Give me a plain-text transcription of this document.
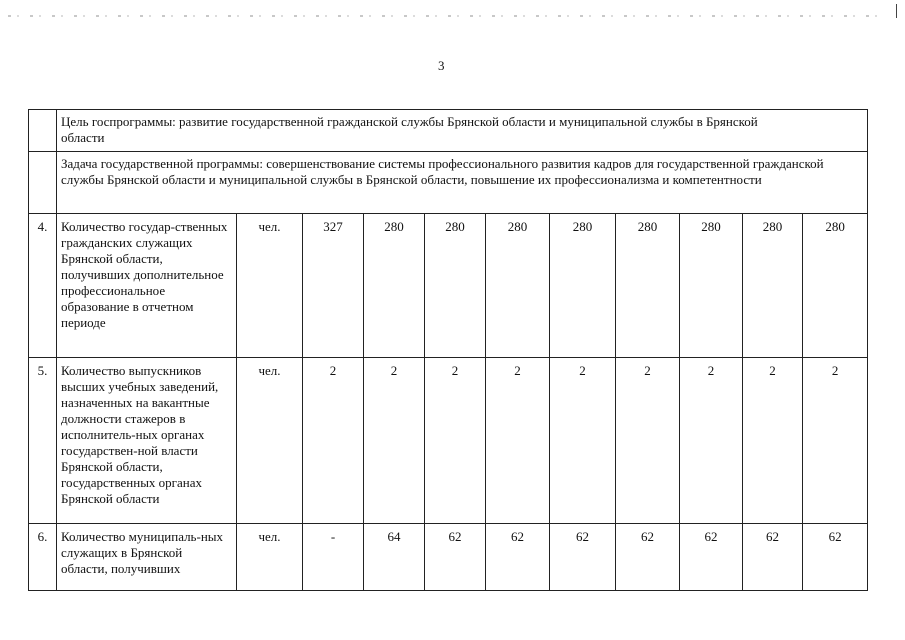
3
	Цель госпрограммы: развитие государственной гражданской службы Брянской области и муниципальной службы в Брянской области										
	Задача государственной программы: совершенствование системы профессионального развития кадров для государственной гражданской службы Брянской области и муниципальной службы в Брянской области, повышение их профессионализма и компетентности										
4.	Количество государ-ственных гражданских служащих Брянской области, получивших дополнительное профессиональное образование в отчетном периоде	чел.	327	280	280	280	280	280	280	280	280
5.	Количество выпускников высших учебных заведений, назначенных на вакантные должности стажеров в исполнитель-ных органах государствен-ной власти Брянской области, государственных органах Брянской области	чел.	2	2	2	2	2	2	2	2	2
6.	Количество муниципаль-ных служащих в Брянской области, получивших	чел.	-	64	62	62	62	62	62	62	62
